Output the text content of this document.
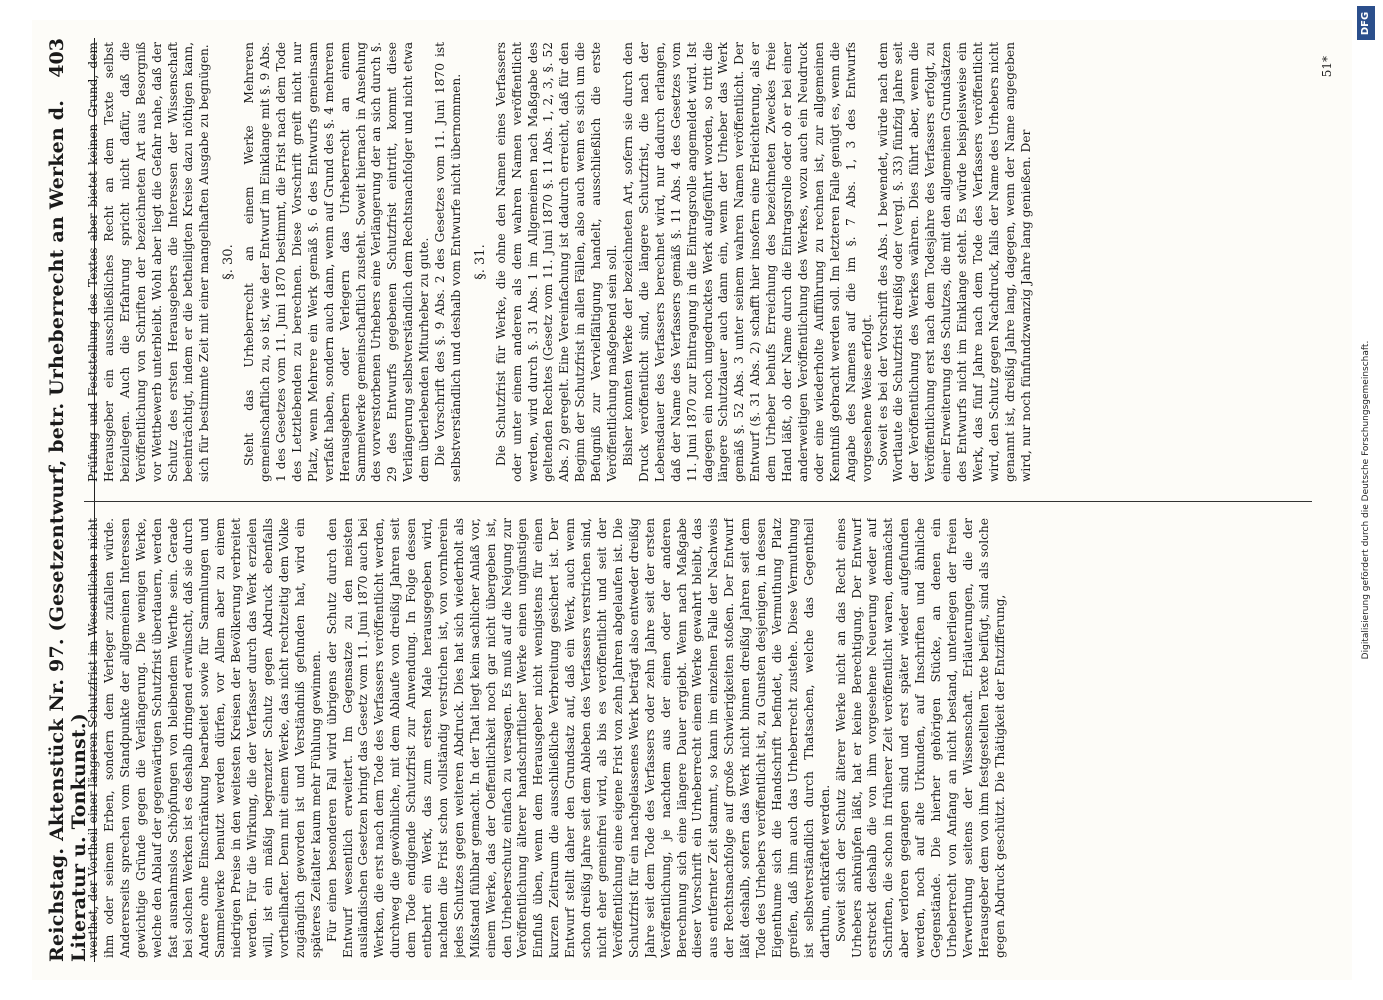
Reichstag. Aktenstück Nr. 97. (Gesetzentwurf, betr. Urheberrecht an Werken d. Literatur u. Tonkunst.)
403

werthet, der Vortheil einer längeren Schutzfrist im Wesentlichen nicht ihm oder seinem Erben, sondern dem Verleger zufallen würde. Andererseits sprechen vom Standpunkte der allgemeinen Interessen gewichtige Gründe gegen die Verlängerung. Die wenigen Werke, welche den Ablauf der gegenwärtigen Schutzfrist überdauern, werden fast ausnahmslos Schöpfungen von bleibendem Werthe sein. Gerade bei solchen Werken ist es deshalb dringend erwünscht, daß sie durch Andere ohne Einschränkung bearbeitet sowie für Sammlungen und Sammelwerke benutzt werden dürfen, vor Allem aber zu einem niedrigen Preise in den weitesten Kreisen der Bevölkerung verbreitet werden. Für die Wirkung, die der Verfasser durch das Werk erzielen will, ist ein mäßig begrenzter Schutz gegen Abdruck ebenfalls vortheilhafter. Denn mit einem Werke, das nicht rechtzeitig dem Volke zugänglich geworden ist und Verständniß gefunden hat, wird ein späteres Zeitalter kaum mehr Fühlung gewinnen. Für einen besonderen Fall wird übrigens der Schutz durch den Entwurf wesentlich erweitert. Im Gegensatze zu den meisten ausländischen Gesetzen bringt das Gesetz vom 11. Juni 1870 auch bei Werken, die erst nach dem Tode des Verfassers veröffentlicht werden, durchweg die gewöhnliche, mit dem Ablaufe von dreißig Jahren seit dem Tode endigende Schutzfrist zur Anwendung. In Folge dessen entbehrt ein Werk, das zum ersten Male herausgegeben wird, nachdem die Frist schon vollständig verstrichen ist, von vornherein jedes Schutzes gegen weiteren Abdruck. Dies hat sich wiederholt als Mißstand fühlbar gemacht. In der That liegt kein sachlicher Anlaß vor, einem Werke, das der Oeffentlichkeit noch gar nicht übergeben ist, den Urheberschutz einfach zu versagen. Es muß auf die Neigung zur Veröffentlichung älterer handschriftlicher Werke einen ungünstigen Einfluß üben, wenn dem Herausgeber nicht wenigstens für einen kurzen Zeitraum die ausschließliche Verbreitung gesichert ist. Der Entwurf stellt daher den Grundsatz auf, daß ein Werk, auch wenn schon dreißig Jahre seit dem Ableben des Verfassers verstrichen sind, nicht eher gemeinfrei wird, als bis es veröffentlicht und seit der Veröffentlichung eine eigene Frist von zehn Jahren abgelaufen ist. Die Schutzfrist für ein nachgelassenes Werk beträgt also entweder dreißig Jahre seit dem Tode des Verfassers oder zehn Jahre seit der ersten Veröffentlichung, je nachdem aus der einen oder der anderen Berechnung sich eine längere Dauer ergiebt. Wenn nach Maßgabe dieser Vorschrift ein Urheberrecht einem Werke gewahrt bleibt, das aus entfernter Zeit stammt, so kann im einzelnen Falle der Nachweis der Rechtsnachfolge auf große Schwierigkeiten stoßen. Der Entwurf läßt deshalb, sofern das Werk nicht binnen dreißig Jahren seit dem Tode des Urhebers veröffentlicht ist, zu Gunsten desjenigen, in dessen Eigenthume sich die Handschrift befindet, die Vermuthung Platz greifen, daß ihm auch das Urheberrecht zustehe. Diese Vermuthung ist selbstverständlich durch Thatsachen, welche das Gegentheil darthun, entkräftet werden. Soweit sich der Schutz älterer Werke nicht an das Recht eines Urhebers anknüpfen läßt, hat er keine Berechtigung. Der Entwurf erstreckt deshalb die von ihm vorgesehene Neuerung weder auf Schriften, die schon in früherer Zeit veröffentlicht waren, demnächst aber verloren gegangen sind und erst später wieder aufgefunden werden, noch auf alte Urkunden, auf Inschriften und ähnliche Gegenstände. Die hierher gehörigen Stücke, an denen ein Urheberrecht von Anfang an nicht bestand, unterliegen der freien Verwerthung seitens der Wissenschaft. Erläuterungen, die der Herausgeber dem von ihm festgestellten Texte beifügt, sind als solche gegen Abdruck geschützt. Die Thätigkeit der Entzifferung,

Prüfung und Feststellung des Textes aber bietet keinen Grund, dem Herausgeber ein ausschließliches Recht an dem Texte selbst beizulegen. Auch die Erfahrung spricht nicht dafür, daß die Veröffentlichung von Schriften der bezeichneten Art aus Besorgniß vor Wettbewerb unterbleibt. Wohl aber liegt die Gefahr nahe, daß der Schutz des ersten Herausgebers die Interessen der Wissenschaft beeinträchtigt, indem er die betheiligten Kreise dazu nöthigen kann, sich für bestimmte Zeit mit einer mangelhaften Ausgabe zu begnügen. §. 30. Steht das Urheberrecht an einem Werke Mehreren gemeinschaftlich zu, so ist, wie der Entwurf im Einklange mit §. 9 Abs. 1 des Gesetzes vom 11. Juni 1870 bestimmt, die Frist nach dem Tode des Letztlebenden zu berechnen. Diese Vorschrift greift nicht nur Platz, wenn Mehrere ein Werk gemäß §. 6 des Entwurfs gemeinsam verfaßt haben, sondern auch dann, wenn auf Grund des §. 4 mehreren Herausgebern oder Verlegern das Urheberrecht an einem Sammelwerke gemeinschaftlich zusteht. Soweit hiernach in Ansehung des vorverstorbenen Urhebers eine Verlängerung der an sich durch §. 29 des Entwurfs gegebenen Schutzfrist eintritt, kommt diese Verlängerung selbstverständlich dem Rechtsnachfolger und nicht etwa dem überlebenden Miturheber zu gute. Die Vorschrift des §. 9 Abs. 2 des Gesetzes vom 11. Juni 1870 ist selbstverständlich und deshalb vom Entwurfe nicht übernommen. §. 31. Die Schutzfrist für Werke, die ohne den Namen eines Verfassers oder unter einem anderen als dem wahren Namen veröffentlicht werden, wird durch §. 31 Abs. 1 im Allgemeinen nach Maßgabe des geltenden Rechtes (Gesetz vom 11. Juni 1870 §. 11 Abs. 1, 2, 3, §. 52 Abs. 2) geregelt. Eine Vereinfachung ist dadurch erreicht, daß für den Beginn der Schutzfrist in allen Fällen, also auch wenn es sich um die Befugniß zur Vervielfältigung handelt, ausschließlich die erste Veröffentlichung maßgebend sein soll. Bisher konnten Werke der bezeichneten Art, sofern sie durch den Druck veröffentlicht sind, die längere Schutzfrist, die nach der Lebensdauer des Verfassers berechnet wird, nur dadurch erlangen, daß der Name des Verfassers gemäß §. 11 Abs. 4 des Gesetzes vom 11. Juni 1870 zur Eintragung in die Eintragsrolle angemeldet wird. Ist dagegen ein noch ungedrucktes Werk aufgeführt worden, so tritt die längere Schutzdauer auch dann ein, wenn der Urheber das Werk gemäß §. 52 Abs. 3 unter seinem wahren Namen veröffentlicht. Der Entwurf (§. 31 Abs. 2) schafft hier insofern eine Erleichterung, als er dem Urheber behufs Erreichung des bezeichneten Zweckes freie Hand läßt, ob der Name durch die Eintragsrolle oder ob er bei einer anderweitigen Veröffentlichung des Werkes, wozu auch ein Neudruck oder eine wiederholte Aufführung zu rechnen ist, zur allgemeinen Kenntniß gebracht werden soll. Im letzteren Falle genügt es, wenn die Angabe des Namens auf die im §. 7 Abs. 1, 3 des Entwurfs vorgesehene Weise erfolgt. Soweit es bei der Vorschrift des Abs. 1 bewendet, würde nach dem Wortlaute die Schutzfrist dreißig oder (vergl. §. 33) fünfzig Jahre seit der Veröffentlichung des Werkes währen. Dies führt aber, wenn die Veröffentlichung erst nach dem Todesjahre des Verfassers erfolgt, zu einer Erweiterung des Schutzes, die mit den allgemeinen Grundsätzen des Entwurfs nicht im Einklange steht. Es würde beispielsweise ein Werk, das fünf Jahre nach dem Tode des Verfassers veröffentlicht wird, den Schutz gegen Nachdruck, falls der Name des Urhebers nicht genannt ist, dreißig Jahre lang, dagegen, wenn der Name angegeben wird, nur noch fünfundzwanzig Jahre lang genießen. Der

51*
Digitalisierung gefördert durch die Deutsche Forschungsgemeinschaft.
DFG
